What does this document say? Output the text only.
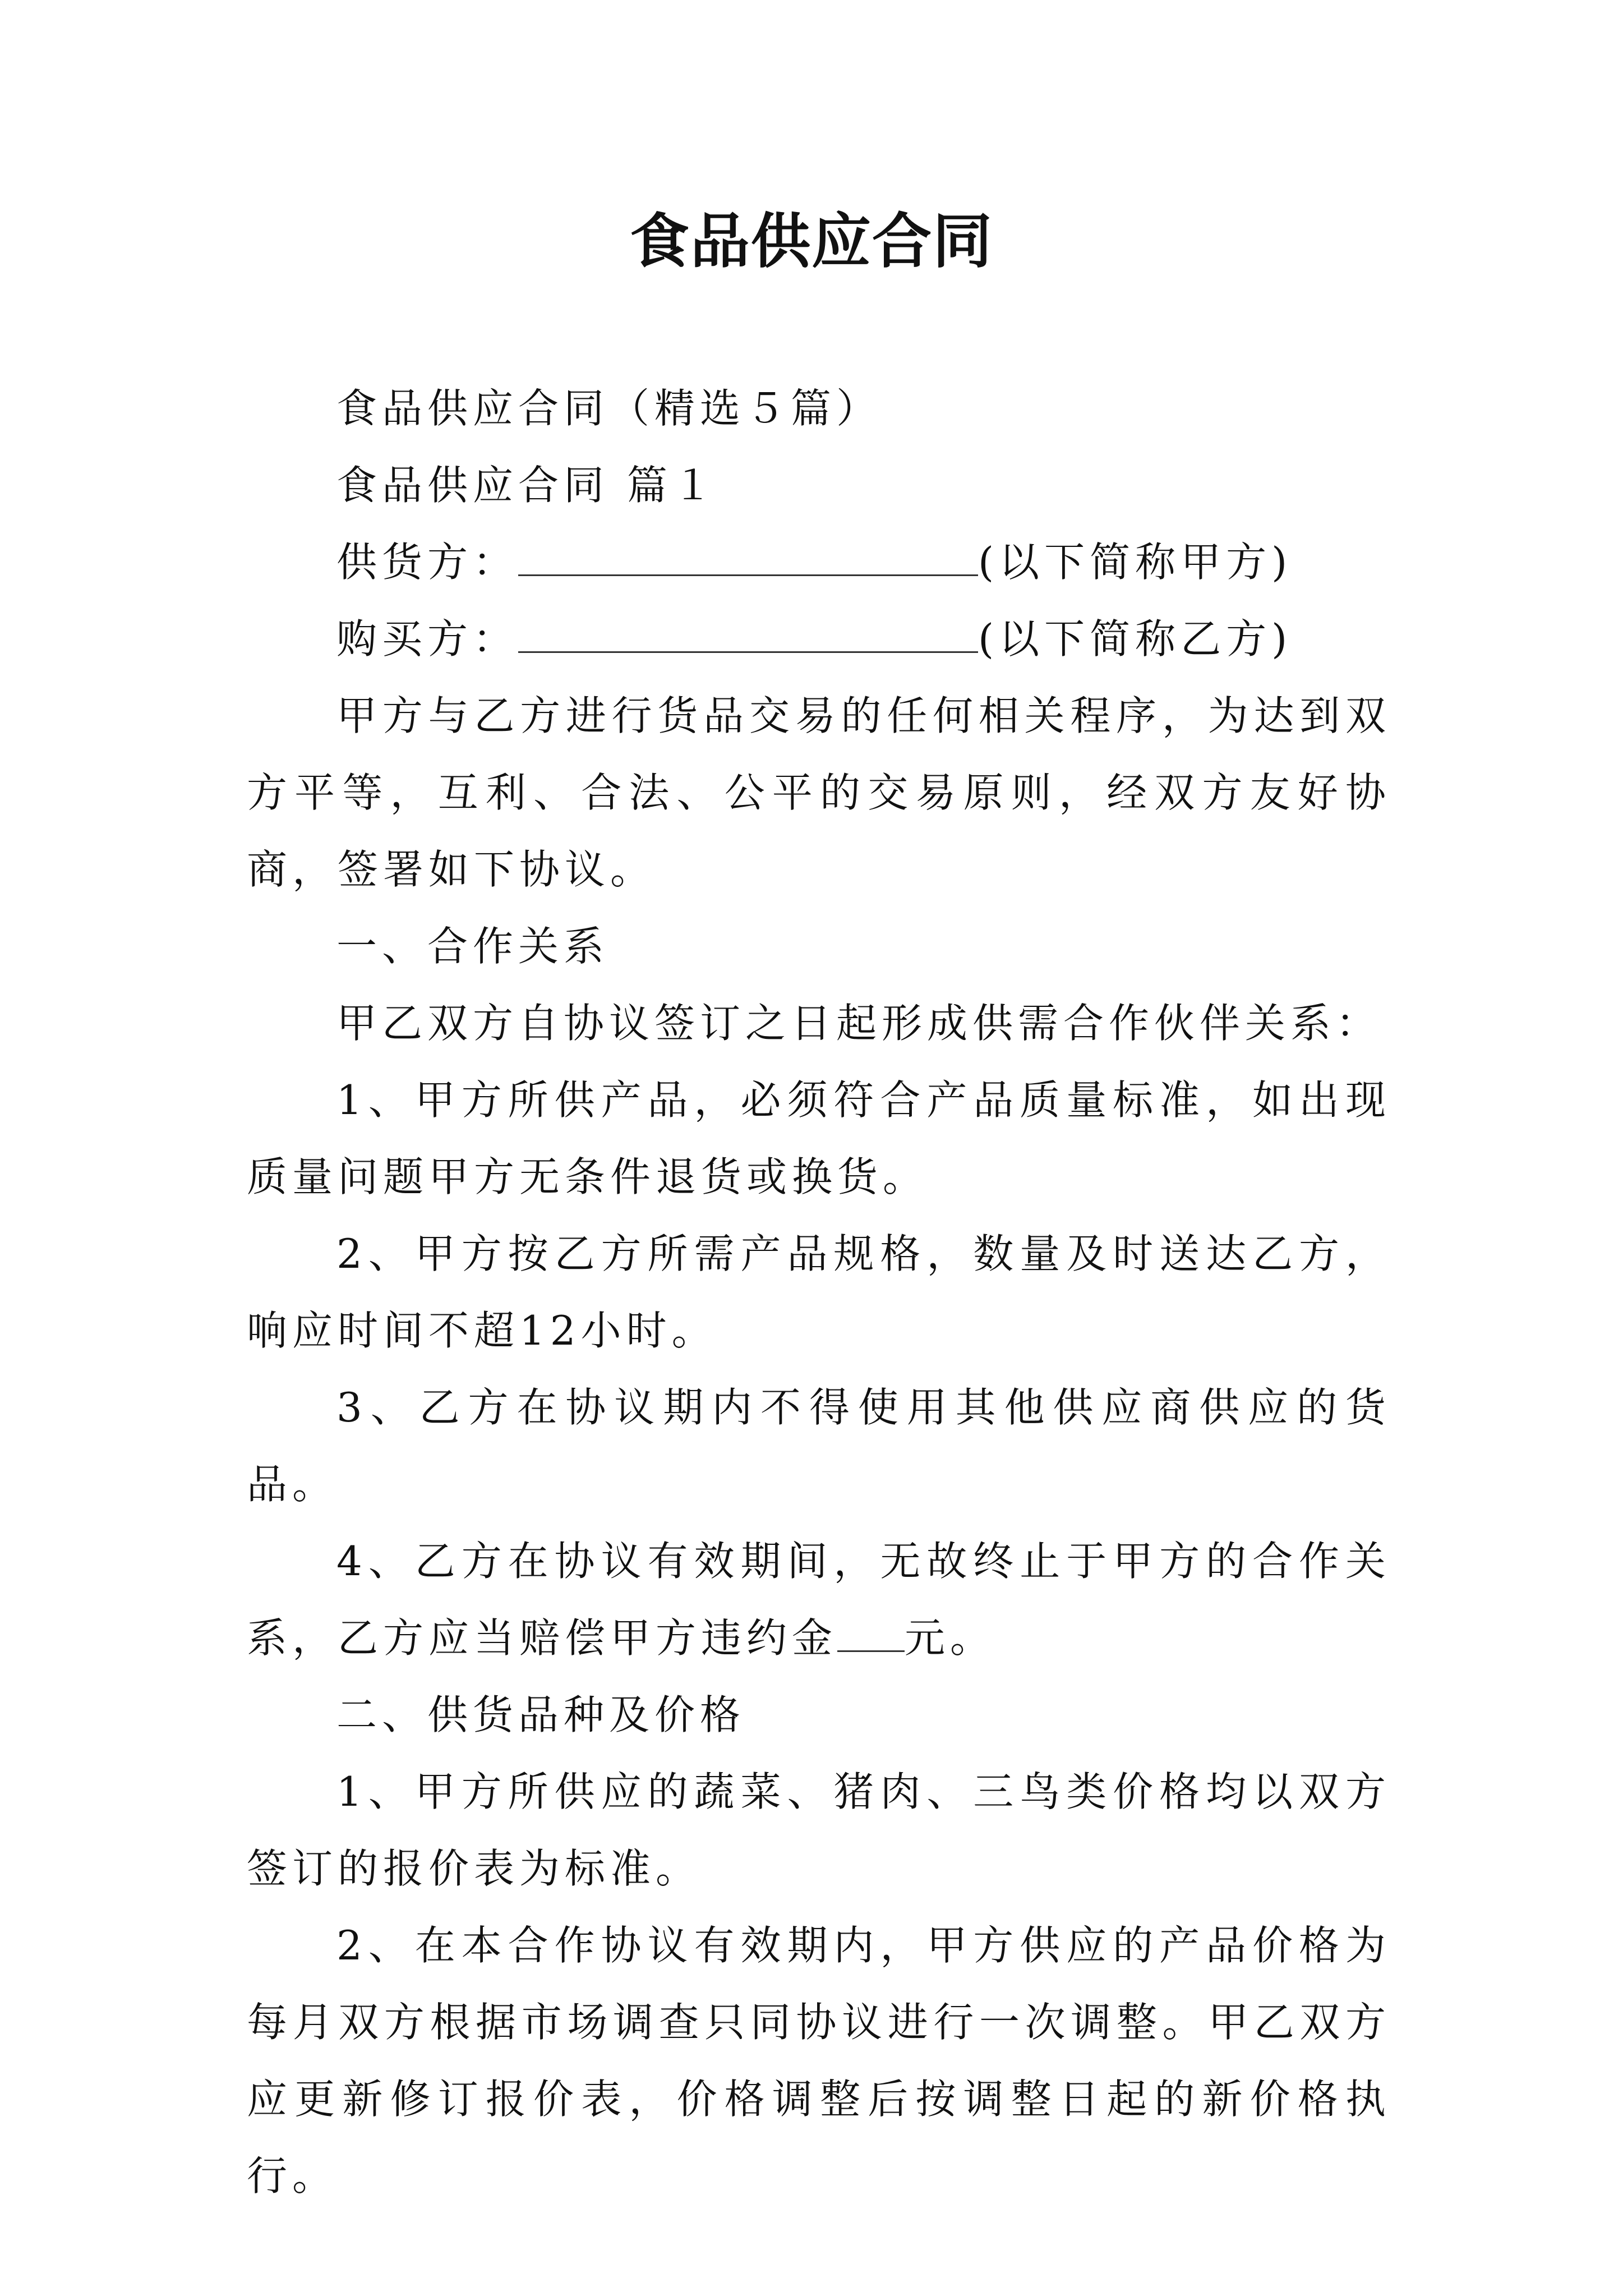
食品供应合同

食品供应合同（精选５篇）

食品供应合同 篇１

供货方：	(以下简称甲方)

购买方：	(以下简称乙方)

甲方与乙方进行货品交易的任何相关程序，为达到双方平等，互利、合法、公平的交易原则，经双方友好协商，签署如下协议。

一、合作关系

甲乙双方自协议签订之日起形成供需合作伙伴关系：

1、甲方所供产品，必须符合产品质量标准，如出现质量问题甲方无条件退货或换货。

2、甲方按乙方所需产品规格，数量及时送达乙方，响应时间不超12小时。

3、乙方在协议期内不得使用其他供应商供应的货品。

4、乙方在协议有效期间，无故终止于甲方的合作关系，乙方应当赔偿甲方违约金 元。

二、供货品种及价格

1、甲方所供应的蔬菜、猪肉、三鸟类价格均以双方签订的报价表为标准。

2、在本合作协议有效期内，甲方供应的产品价格为每月双方根据市场调查只同协议进行一次调整。甲乙双方应更新修订报价表，价格调整后按调整日起的新价格执行。
